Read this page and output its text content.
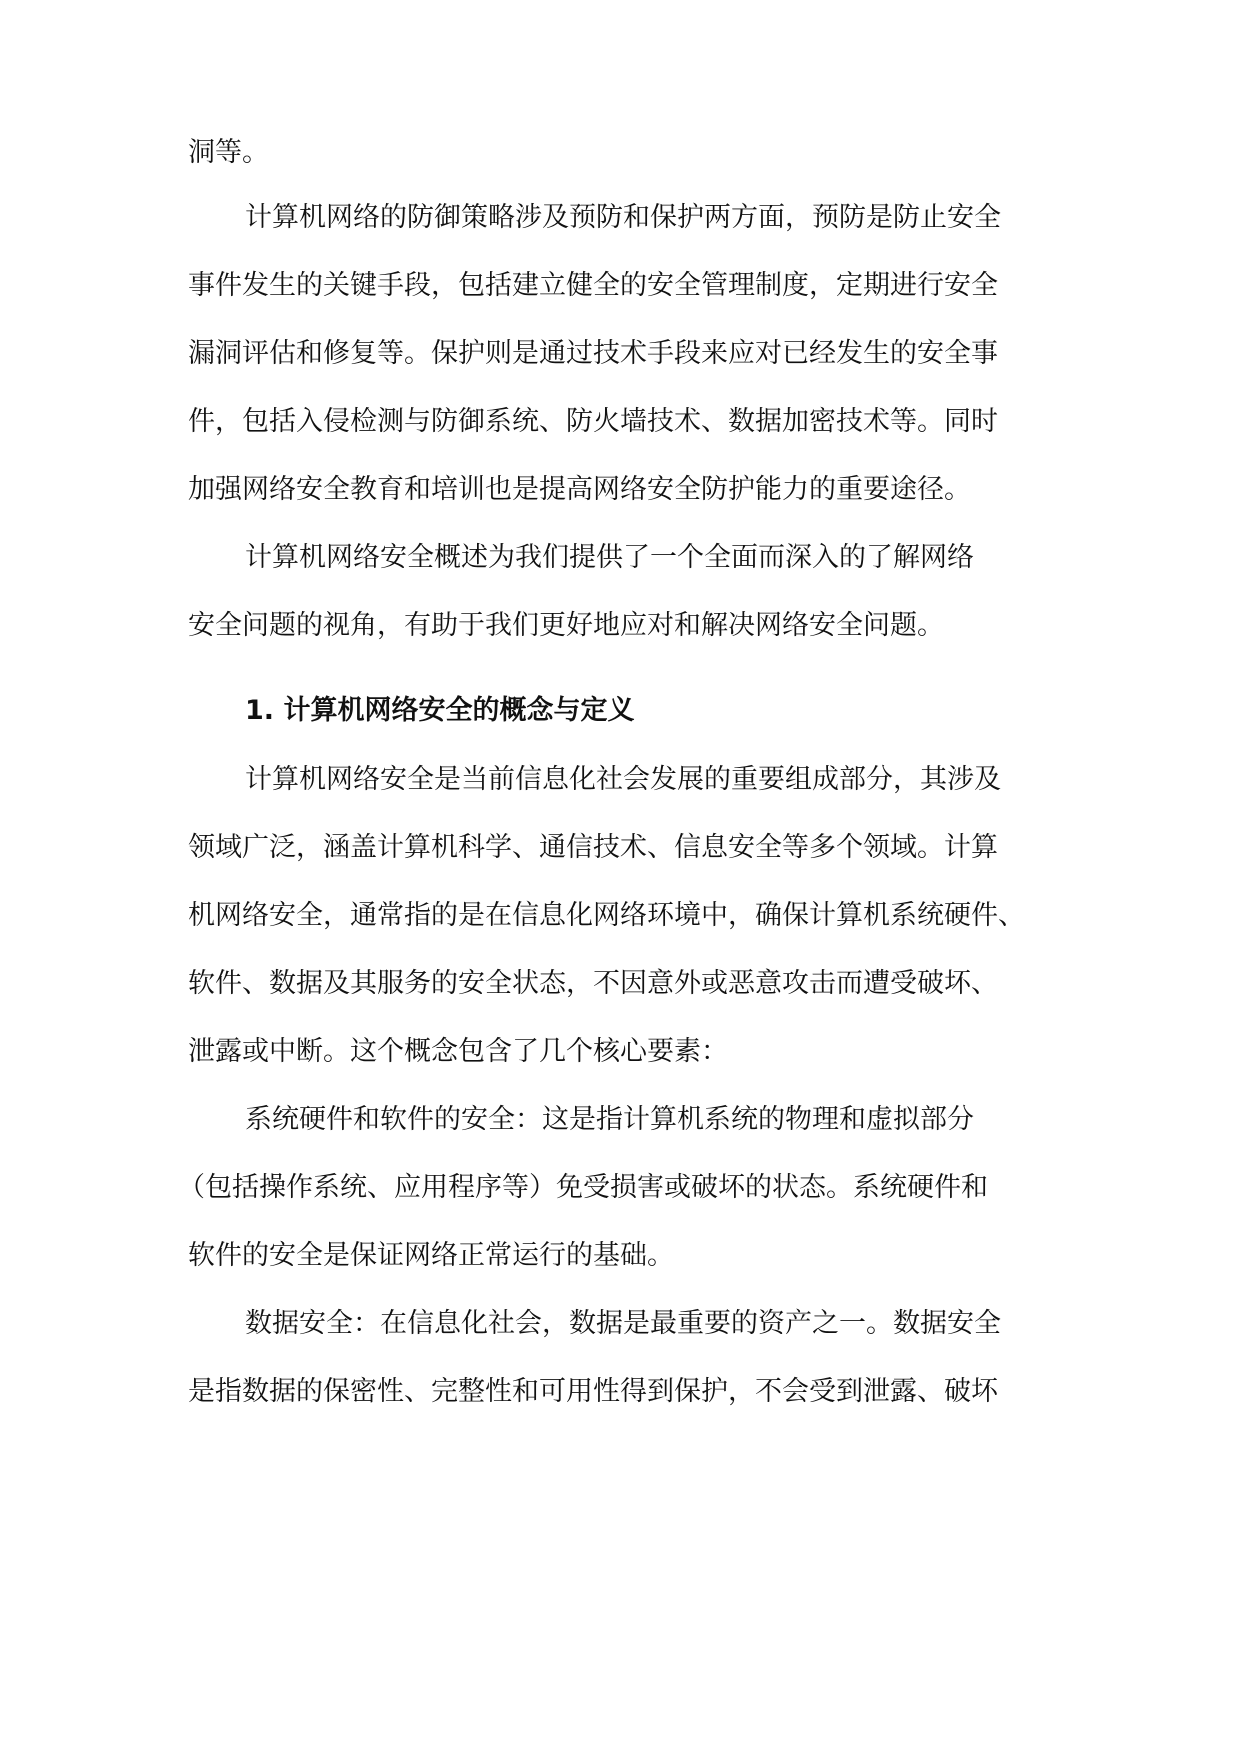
洞等。
计算机网络的防御策略涉及预防和保护两方面，预防是防止安全
事件发生的关键手段，包括建立健全的安全管理制度，定期进行安全
漏洞评估和修复等。保护则是通过技术手段来应对已经发生的安全事
件，包括入侵检测与防御系统、防火墙技术、数据加密技术等。同时
加强网络安全教育和培训也是提高网络安全防护能力的重要途径。
计算机网络安全概述为我们提供了一个全面而深入的了解网络
安全问题的视角，有助于我们更好地应对和解决网络安全问题。
1. 计算机网络安全的概念与定义
计算机网络安全是当前信息化社会发展的重要组成部分，其涉及
领域广泛，涵盖计算机科学、通信技术、信息安全等多个领域。计算
机网络安全，通常指的是在信息化网络环境中，确保计算机系统硬件、
软件、数据及其服务的安全状态，不因意外或恶意攻击而遭受破坏、
泄露或中断。这个概念包含了几个核心要素：
系统硬件和软件的安全：这是指计算机系统的物理和虚拟部分
（包括操作系统、应用程序等）免受损害或破坏的状态。系统硬件和
软件的安全是保证网络正常运行的基础。
数据安全：在信息化社会，数据是最重要的资产之一。数据安全
是指数据的保密性、完整性和可用性得到保护，不会受到泄露、破坏
